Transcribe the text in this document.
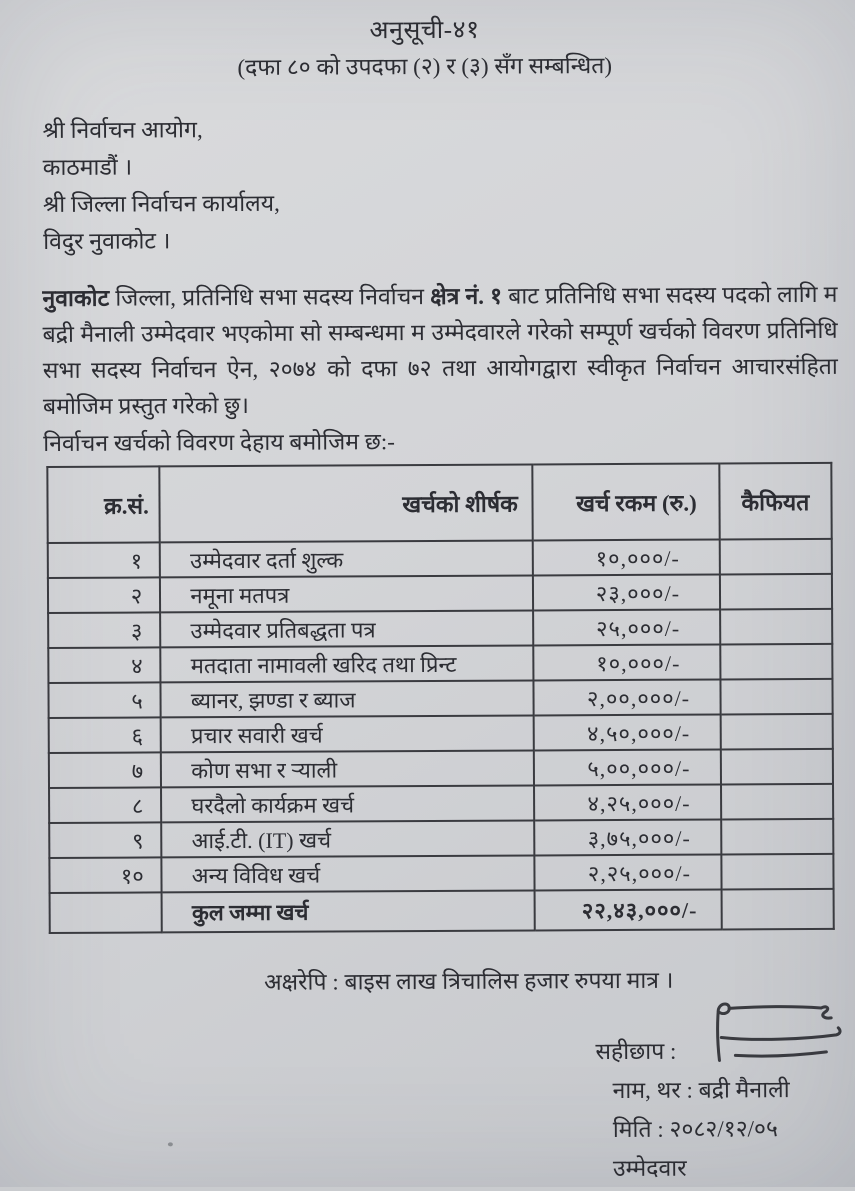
अनुसूची-४१
(दफा ८० को उपदफा (२) र (३) सँग सम्बन्धित)
श्री निर्वाचन आयोग,
काठमाडौं ।
श्री जिल्ला निर्वाचन कार्यालय,
विदुर नुवाकोट ।
नुवाकोट जिल्ला, प्रतिनिधि सभा सदस्य निर्वाचन क्षेत्र नं. १ बाट प्रतिनिधि सभा सदस्य पदको लागि म बद्री मैनाली उम्मेदवार भएकोमा सो सम्बन्धमा म उम्मेदवारले गरेको सम्पूर्ण खर्चको विवरण प्रतिनिधि सभा सदस्य निर्वाचन ऐन, २०७४ को दफा ७२ तथा आयोगद्वारा स्वीकृत निर्वाचन आचारसंहिता बमोजिम प्रस्तुत गरेको छु।
निर्वाचन खर्चको विवरण देहाय बमोजिम छ:-
क्र.सं.	खर्चको शीर्षक	खर्च रकम (रु.)	कैफियत
१	उम्मेदवार दर्ता शुल्क	१०,०००/-	
२	नमूना मतपत्र	२३,०००/-	
३	उम्मेदवार प्रतिबद्धता पत्र	२५,०००/-	
४	मतदाता नामावली खरिद तथा प्रिन्ट	१०,०००/-	
५	ब्यानर, झण्डा र ब्याज	२,००,०००/-	
६	प्रचार सवारी खर्च	४,५०,०००/-	
७	कोण सभा र र्‍याली	५,००,०००/-	
८	घरदैलो कार्यक्रम खर्च	४,२५,०००/-	
९	आई.टी. (IT) खर्च	३,७५,०००/-	
१०	अन्य विविध खर्च	२,२५,०००/-	
	कुल जम्मा खर्च	२२,४३,०००/-	
अक्षरेपि : बाइस लाख त्रिचालिस हजार रुपया मात्र ।
सहीछाप :
नाम, थर : बद्री मैनाली
मिति : २०८२/१२/०५
उम्मेदवार
